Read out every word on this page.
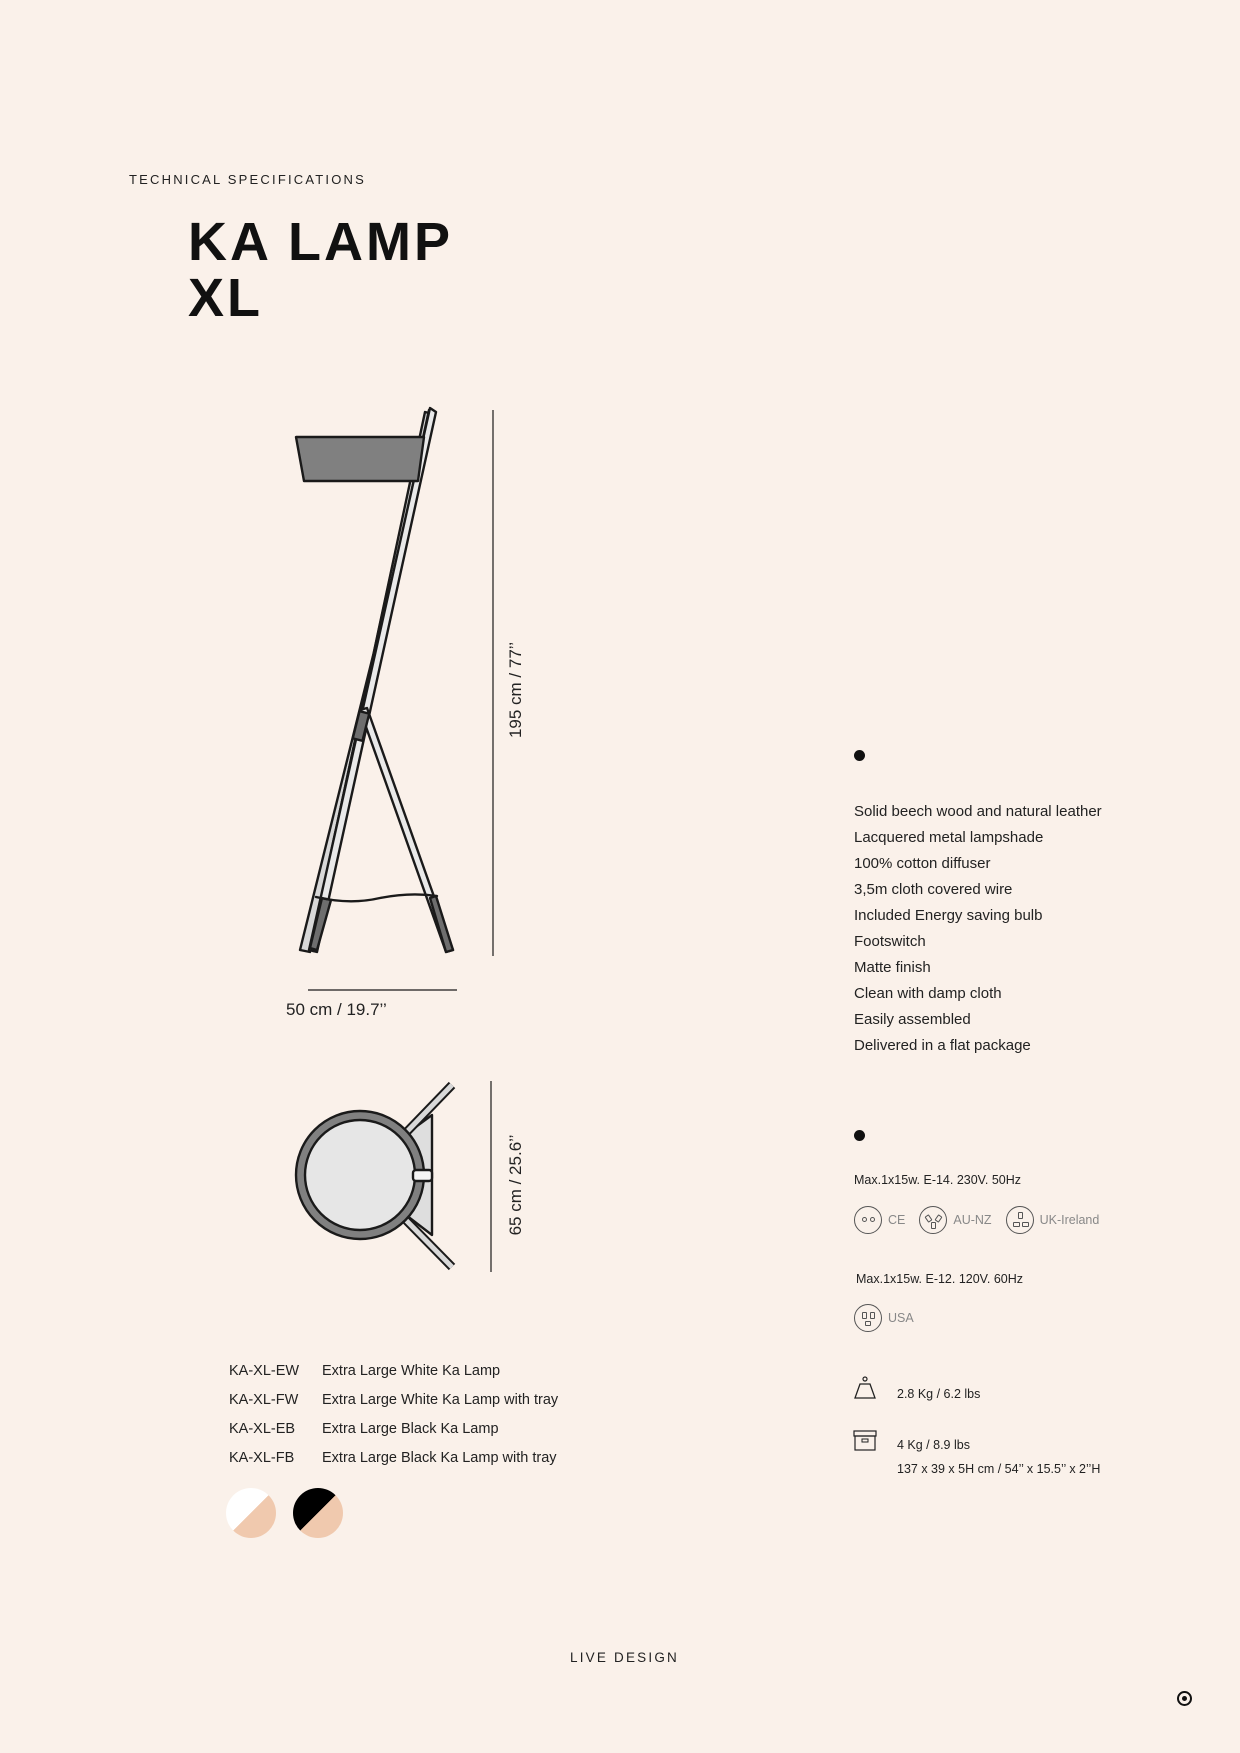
TECHNICAL SPECIFICATIONS
KA LAMP
XL
50 cm / 19.7’’
195 cm / 77’’
65 cm / 25.6’’
Solid beech wood and natural leather
Lacquered metal lampshade
100% cotton diffuser
3,5m cloth covered wire
Included Energy saving bulb
Footswitch
Matte finish
Clean with damp cloth
Easily assembled
Delivered in a flat package
Max.1x15w. E-14. 230V. 50Hz
CE	AU-NZ	UK-Ireland
Max.1x15w. E-12. 120V. 60Hz
USA
2.8 Kg / 6.2 lbs
4 Kg / 8.9 lbs
137 x 39 x 5H cm / 54’’ x 15.5’’ x 2’’H
KA-XL-EW	Extra Large White Ka Lamp
KA-XL-FW	Extra Large White Ka Lamp with tray
KA-XL-EB	Extra Large Black Ka Lamp
KA-XL-FB	Extra Large Black Ka Lamp with tray
LIVE DESIGN
